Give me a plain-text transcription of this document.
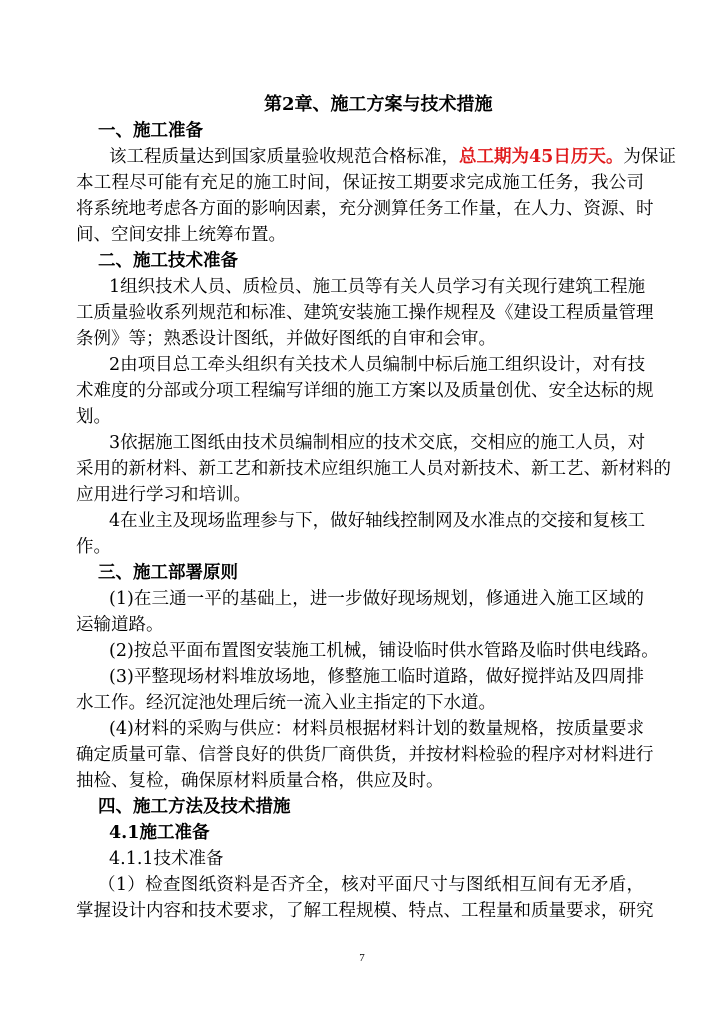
第2章、施工方案与技术措施
一、施工准备
该工程质量达到国家质量验收规范合格标准，总工期为45日历天。为保证
本工程尽可能有充足的施工时间，保证按工期要求完成施工任务，我公司
将系统地考虑各方面的影响因素，充分测算任务工作量，在人力、资源、时
间、空间安排上统筹布置。
二、施工技术准备
1组织技术人员、质检员、施工员等有关人员学习有关现行建筑工程施
工质量验收系列规范和标准、建筑安装施工操作规程及《建设工程质量管理
条例》等；熟悉设计图纸，并做好图纸的自审和会审。
2由项目总工牵头组织有关技术人员编制中标后施工组织设计，对有技
术难度的分部或分项工程编写详细的施工方案以及质量创优、安全达标的规
划。
3依据施工图纸由技术员编制相应的技术交底，交相应的施工人员，对
采用的新材料、新工艺和新技术应组织施工人员对新技术、新工艺、新材料的
应用进行学习和培训。
4在业主及现场监理参与下，做好轴线控制网及水准点的交接和复核工
作。
三、施工部署原则
(1)在三通一平的基础上，进一步做好现场规划，修通进入施工区域的
运输道路。
(2)按总平面布置图安装施工机械，铺设临时供水管路及临时供电线路。
(3)平整现场材料堆放场地，修整施工临时道路，做好搅拌站及四周排
水工作。经沉淀池处理后统一流入业主指定的下水道。
(4)材料的采购与供应：材料员根据材料计划的数量规格，按质量要求
确定质量可靠、信誉良好的供货厂商供货，并按材料检验的程序对材料进行
抽检、复检，确保原材料质量合格，供应及时。
四、施工方法及技术措施
4.1施工准备
4.1.1技术准备
（1）检查图纸资料是否齐全，核对平面尺寸与图纸相互间有无矛盾，
掌握设计内容和技术要求，了解工程规模、特点、工程量和质量要求，研究
7
